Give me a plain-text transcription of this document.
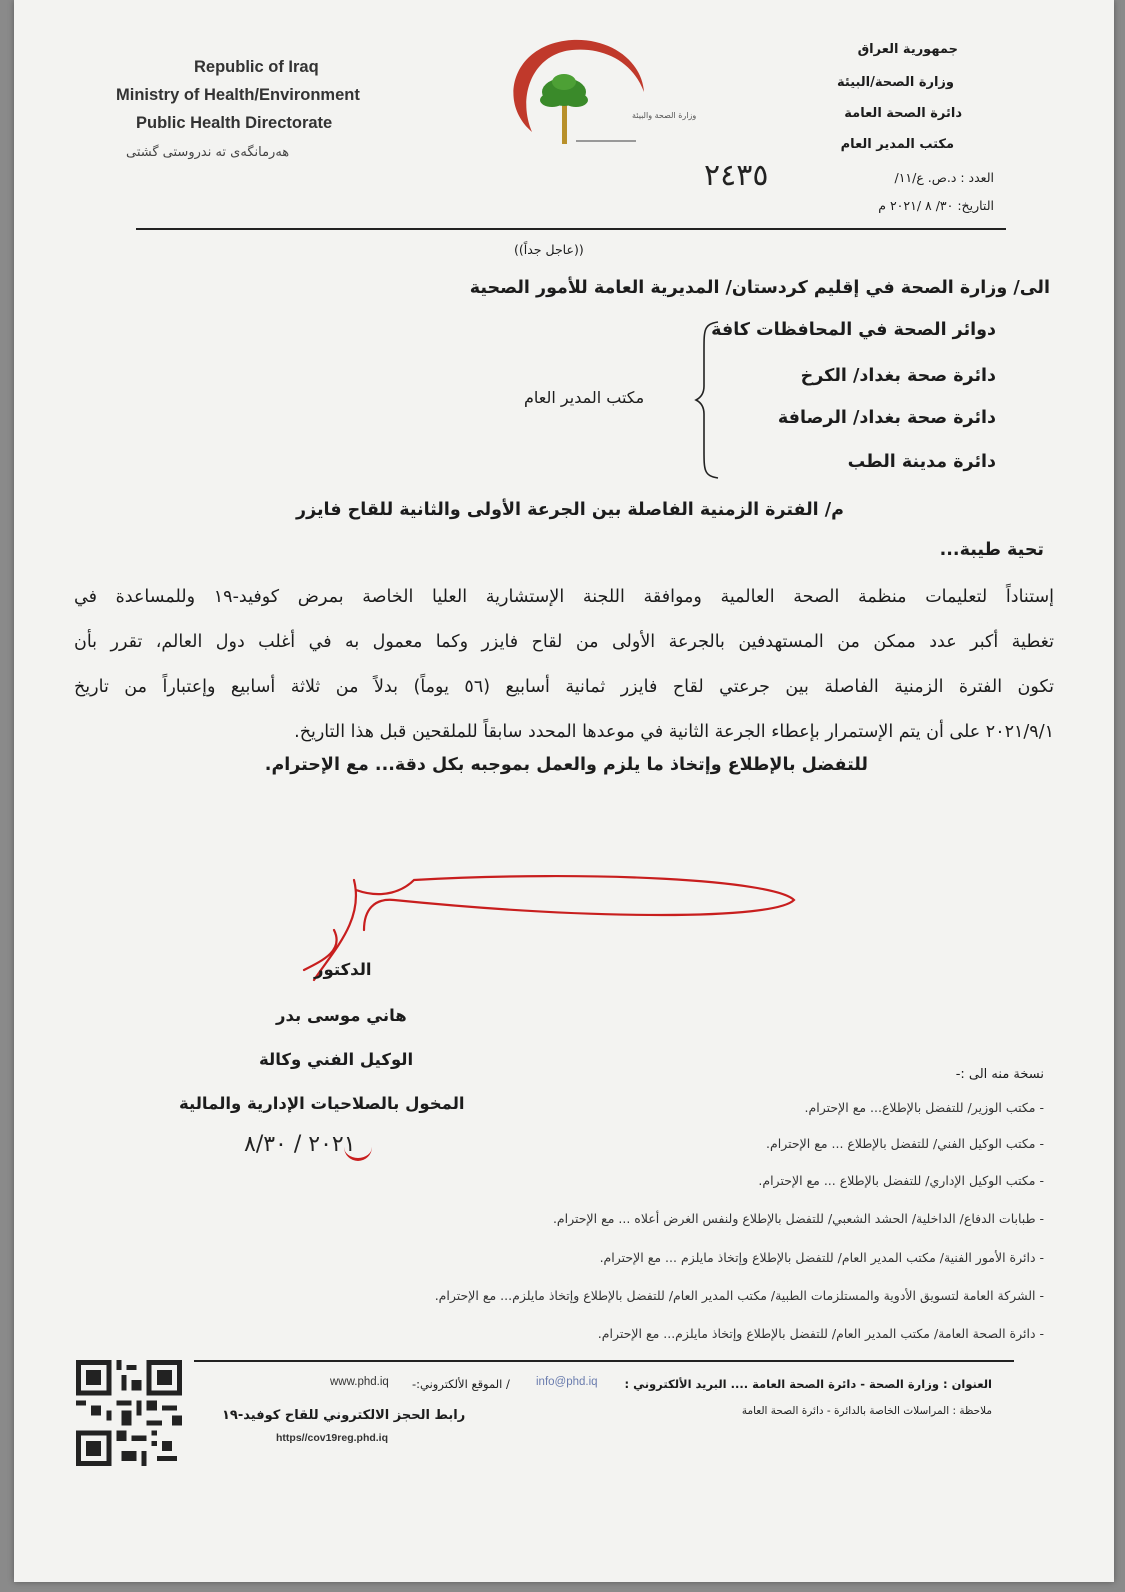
Republic of Iraq
Ministry of Health/Environment
Public Health Directorate
هەرمانگەی تە ندروستی گشتی
وزارة الصحة والبيئة
جمهورية العراق
وزارة الصحة/البيئة
دائرة الصحة العامة
مكتب المدير العام
العدد : د.ص. ع/١١/
التاريخ: ٣٠/ ٨ /٢٠٢١ م
٢٤٣٥
((عاجل جداً))
الى/ وزارة الصحة في إقليم كردستان/ المديرية العامة للأمور الصحية
دوائر الصحة في المحافظات كافة
دائرة صحة بغداد/ الكرخ
دائرة صحة بغداد/ الرصافة
دائرة مدينة الطب
مكتب المدير العام
م/ الفترة الزمنية الفاصلة بين الجرعة الأولى والثانية للقاح فايزر
تحية طيبة...
إستناداً لتعليمات منظمة الصحة العالمية وموافقة اللجنة الإستشارية العليا الخاصة بمرض كوفيد-١٩ وللمساعدة في
تغطية أكبر عدد ممكن من المستهدفين بالجرعة الأولى من لقاح فايزر وكما معمول به في أغلب دول العالم، تقرر بأن
تكون الفترة الزمنية الفاصلة بين جرعتي لقاح فايزر ثمانية أسابيع (٥٦ يوماً) بدلاً من ثلاثة أسابيع وإعتباراً من تاريخ
٢٠٢١/٩/١ على أن يتم الإستمرار بإعطاء الجرعة الثانية في موعدها المحدد سابقاً للملقحين قبل هذا التاريخ.
للتفضل بالإطلاع وإتخاذ ما يلزم والعمل بموجبه بكل دقة... مع الإحترام.
الدكتور
هاني موسى بدر
الوكيل الفني وكالة
المخول بالصلاحيات الإدارية والمالية
٢٠٢١ / ٨/٣٠
نسخة منه الى :-
- مكتب الوزير/ للتفضل بالإطلاع... مع الإحترام.
- مكتب الوكيل الفني/ للتفضل بالإطلاع ... مع الإحترام.
- مكتب الوكيل الإداري/ للتفضل بالإطلاع ... مع الإحترام.
- طبابات الدفاع/ الداخلية/ الحشد الشعبي/ للتفضل بالإطلاع ولنفس الغرض أعلاه ... مع الإحترام.
- دائرة الأمور الفنية/ مكتب المدير العام/ للتفضل بالإطلاع وإتخاذ مايلزم ... مع الإحترام.
- الشركة العامة لتسويق الأدوية والمستلزمات الطبية/ مكتب المدير العام/ للتفضل بالإطلاع وإتخاذ مايلزم... مع الإحترام.
- دائرة الصحة العامة/ مكتب المدير العام/ للتفضل بالإطلاع وإتخاذ مايلزم... مع الإحترام.
العنوان : وزارة الصحة - دائرة الصحة العامة .... البريد الألكتروني :
info@phd.iq
/ الموقع الألكتروني:-
www.phd.iq
ملاحظة : المراسلات الخاصة بالدائرة - دائرة الصحة العامة
رابط الحجز الالكتروني للقاح كوفيد-١٩
https//cov19reg.phd.iq
